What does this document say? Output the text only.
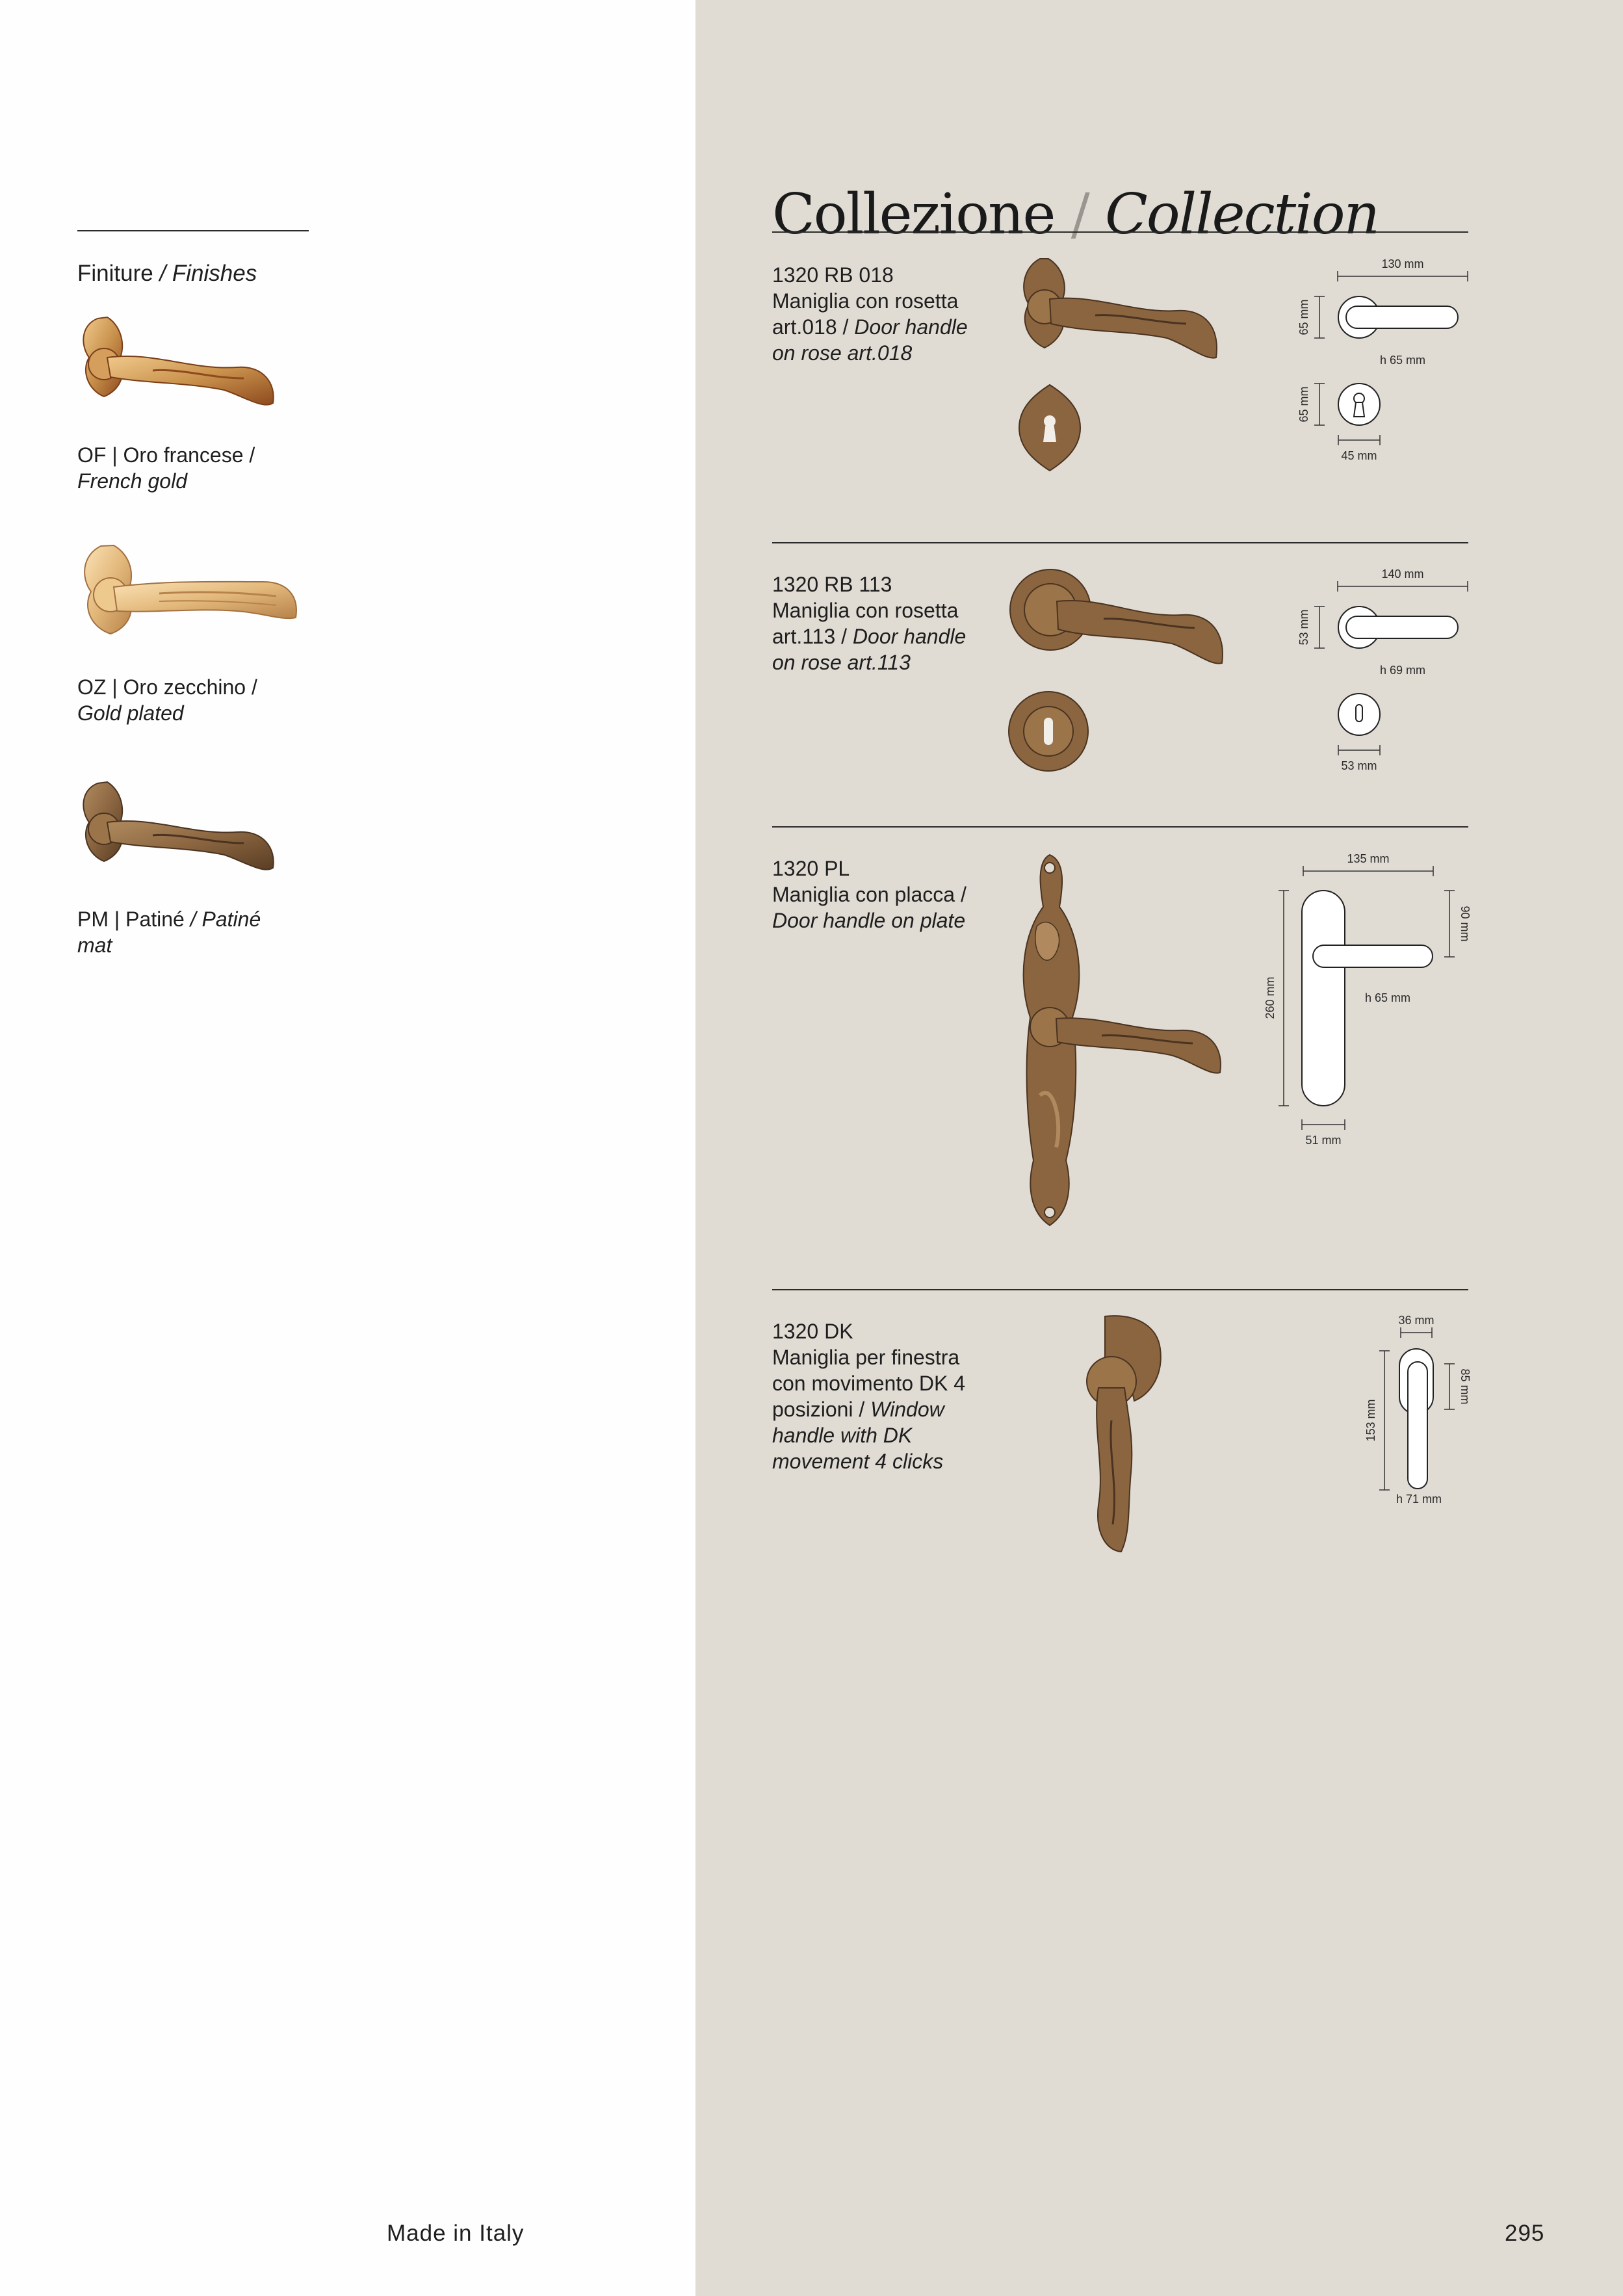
Finiture / Finishes
OF | Oro francese /
French gold
OZ | Oro zecchino /
Gold plated
PM | Patiné / Patiné mat
Collezione / Collection
1320 RB 018
Maniglia con rosetta art.018 / Door handle on rose art.018
130 mm
65 mm
h 65 mm
65 mm
45 mm
1320 RB 113
Maniglia con rosetta art.113 / Door handle on rose art.113
140 mm
53 mm
h 69 mm
53 mm
1320 PL
Maniglia con placca / Door handle on plate
135 mm
90 mm
260 mm	h 65 mm
51 mm
1320 DK
Maniglia per finestra con movimento DK 4 posizioni / Window handle with DK movement 4 clicks
36 mm
85 mm
153 mm
h 71 mm
Made in Italy	295
